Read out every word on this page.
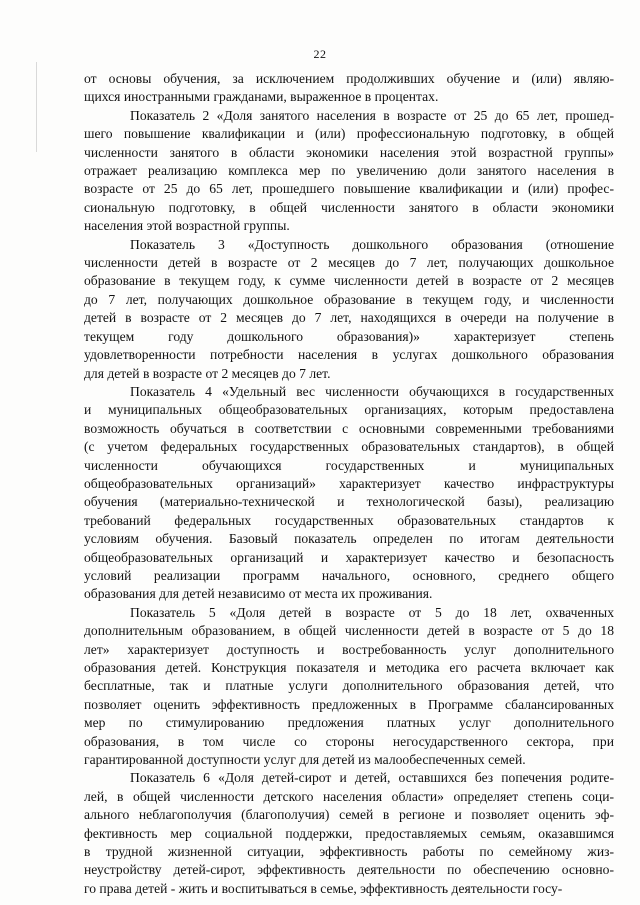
22
от основы обучения, за исключением продолживших обучение и (или) являю-
щихся иностранными гражданами, выраженное в процентах.
Показатель 2 «Доля занятого населения в возрасте от 25 до 65 лет, прошед-
шего повышение квалификации и (или) профессиональную подготовку, в общей
численности занятого в области экономики населения этой возрастной группы»
отражает реализацию комплекса мер по увеличению доли занятого населения в
возрасте от 25 до 65 лет, прошедшего повышение квалификации и (или) профес-
сиональную подготовку, в общей численности занятого в области экономики
населения этой возрастной группы.
Показатель 3 «Доступность дошкольного образования (отношение
численности детей в возрасте от 2 месяцев до 7 лет, получающих дошкольное
образование в текущем году, к сумме численности детей в возрасте от 2 месяцев
до 7 лет, получающих дошкольное образование в текущем году, и численности
детей в возрасте от 2 месяцев до 7 лет, находящихся в очереди на получение в
текущем году дошкольного образования)» характеризует степень
удовлетворенности потребности населения в услугах дошкольного образования
для детей в возрасте от 2 месяцев до 7 лет.
Показатель 4 «Удельный вес численности обучающихся в государственных
и муниципальных общеобразовательных организациях, которым предоставлена
возможность обучаться в соответствии с основными современными требованиями
(с учетом федеральных государственных образовательных стандартов), в общей
численности обучающихся государственных и муниципальных
общеобразовательных организаций» характеризует качество инфраструктуры
обучения (материально-технической и технологической базы), реализацию
требований федеральных государственных образовательных стандартов к
условиям обучения. Базовый показатель определен по итогам деятельности
общеобразовательных организаций и характеризует качество и безопасность
условий реализации программ начального, основного, среднего общего
образования для детей независимо от места их проживания.
Показатель 5 «Доля детей в возрасте от 5 до 18 лет, охваченных
дополнительным образованием, в общей численности детей в возрасте от 5 до 18
лет» характеризует доступность и востребованность услуг дополнительного
образования детей. Конструкция показателя и методика его расчета включает как
бесплатные, так и платные услуги дополнительного образования детей, что
позволяет оценить эффективность предложенных в Программе сбалансированных
мер по стимулированию предложения платных услуг дополнительного
образования, в том числе со стороны негосударственного сектора, при
гарантированной доступности услуг для детей из малообеспеченных семей.
Показатель 6 «Доля детей-сирот и детей, оставшихся без попечения родите-
лей, в общей численности детского населения области» определяет степень соци-
ального неблагополучия (благополучия) семей в регионе и позволяет оценить эф-
фективность мер социальной поддержки, предоставляемых семьям, оказавшимся
в трудной жизненной ситуации, эффективность работы по семейному жиз-
неустройству детей-сирот, эффективность деятельности по обеспечению основно-
го права детей - жить и воспитываться в семье, эффективность деятельности госу-
